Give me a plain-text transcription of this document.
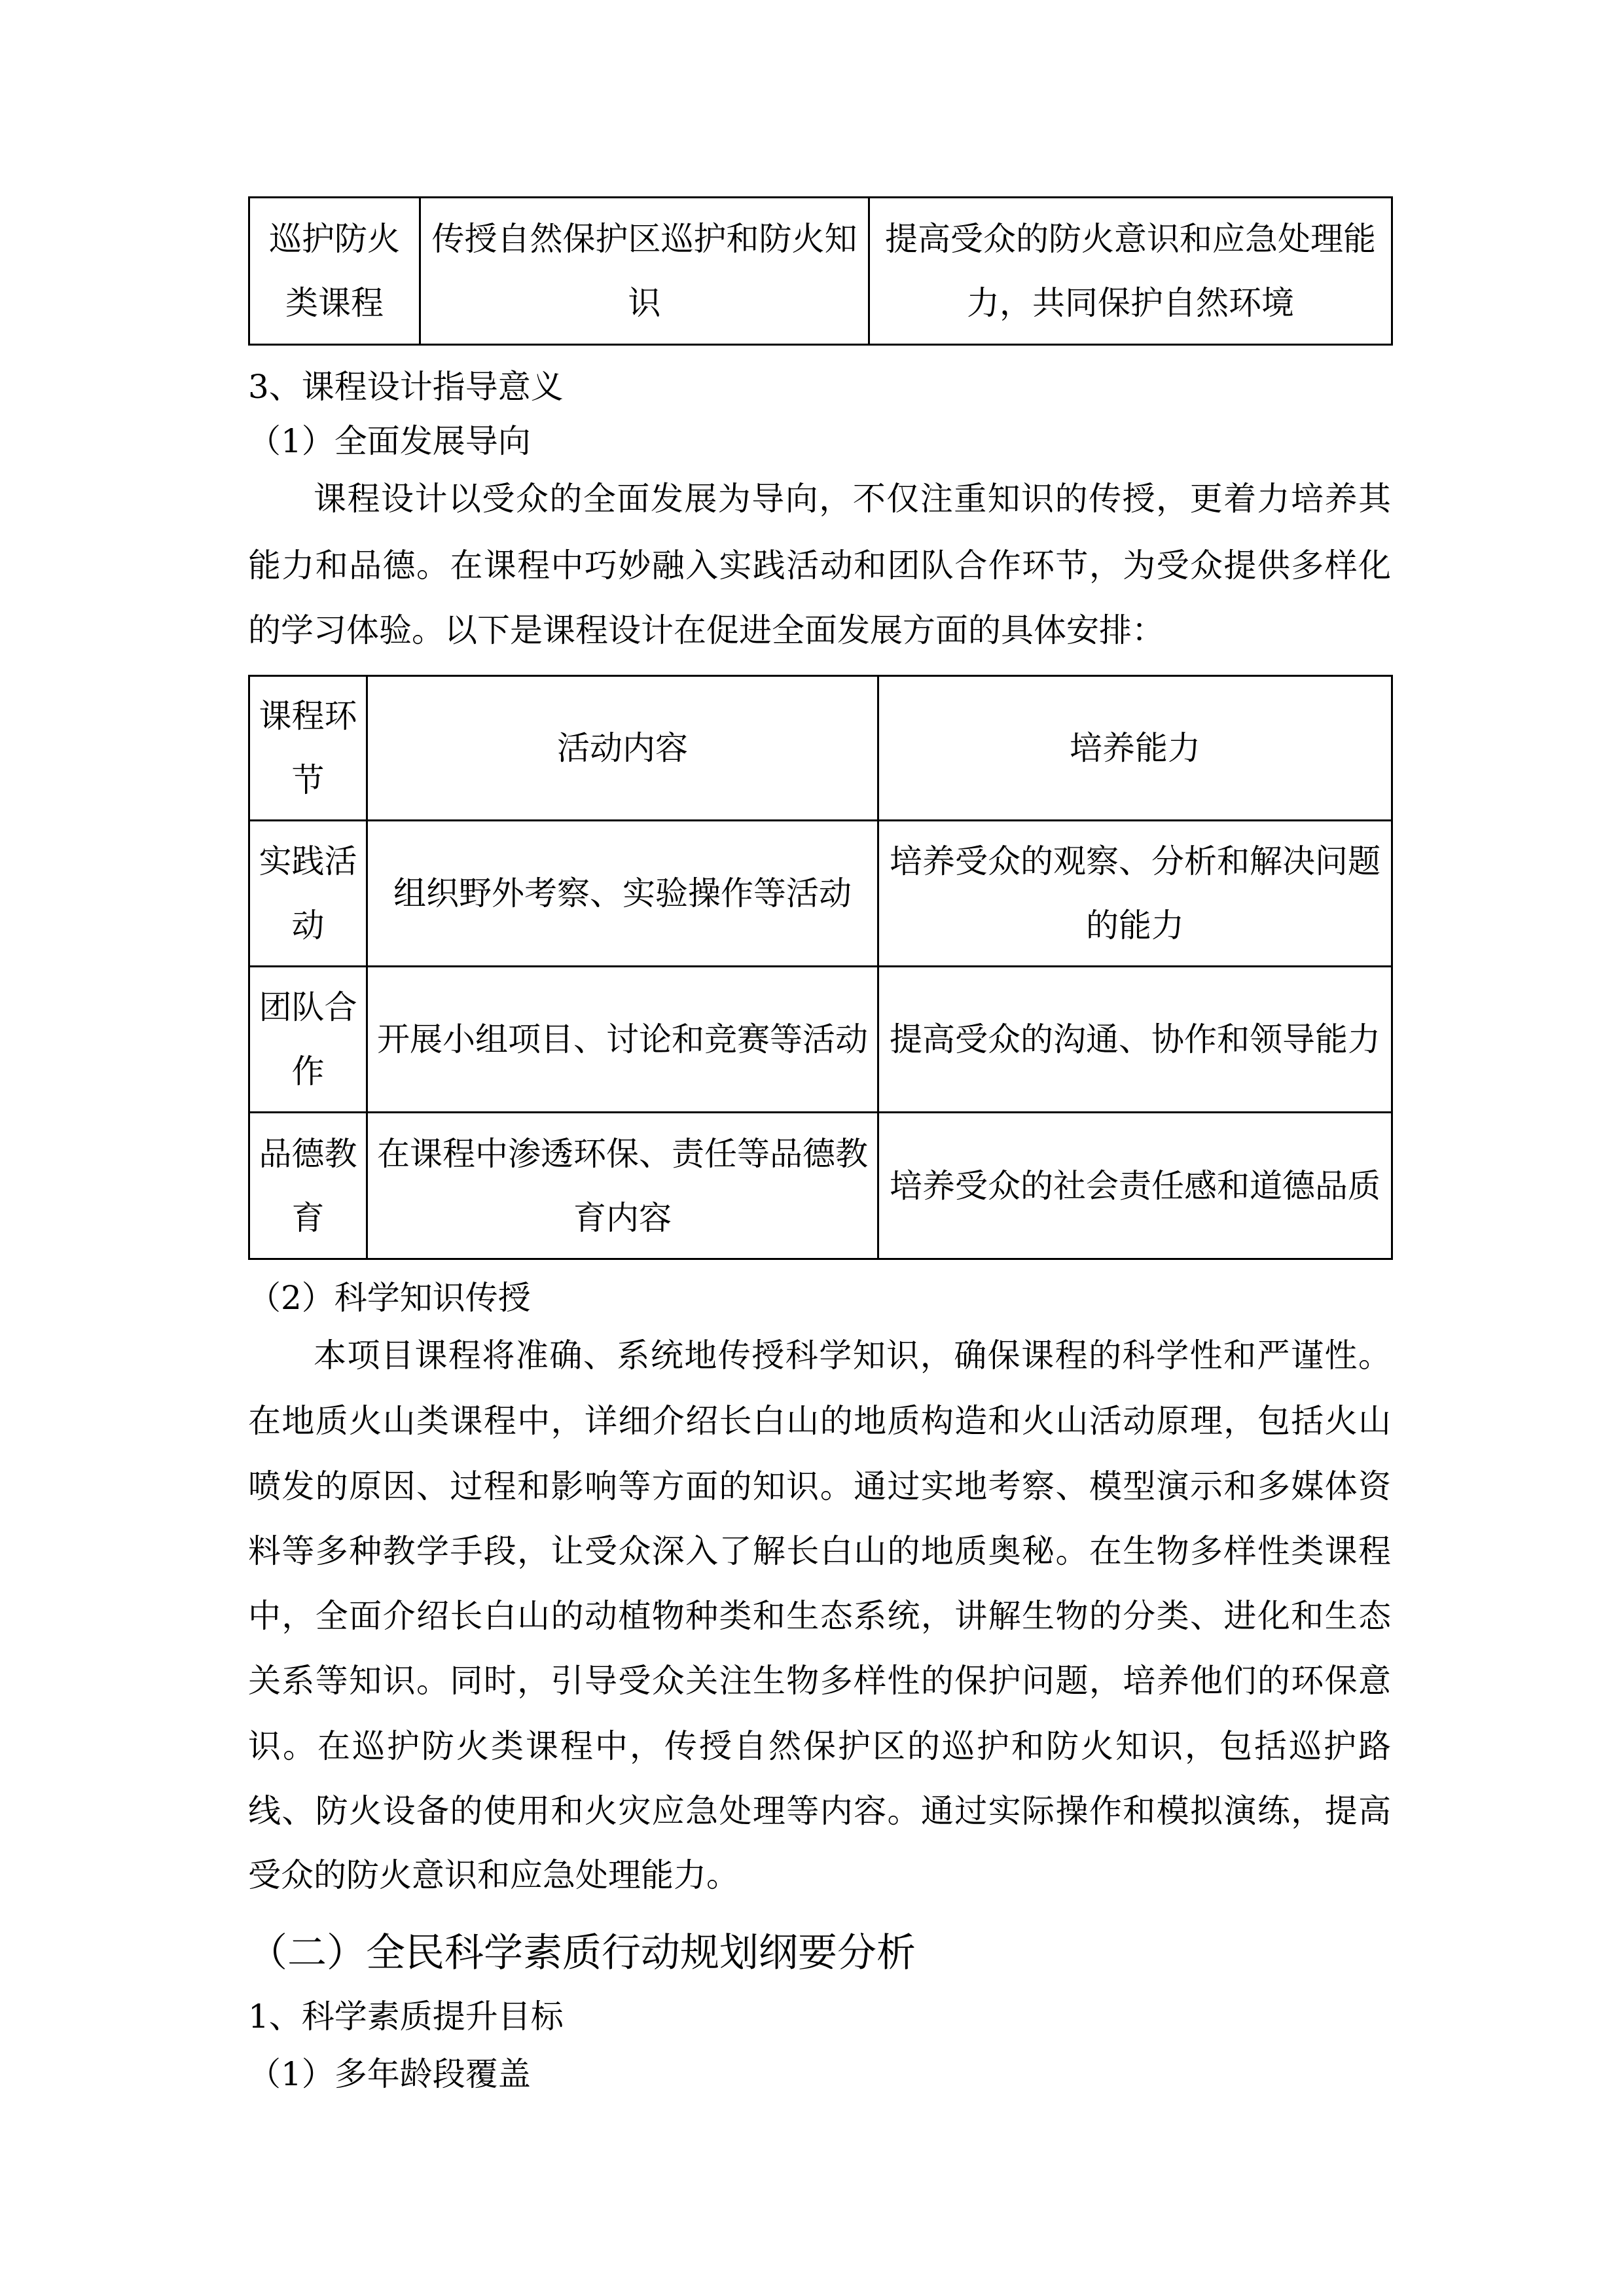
巡护防火类课程	传授自然保护区巡护和防火知识	提高受众的防火意识和应急处理能力，共同保护自然环境
3、课程设计指导意义
（1）全面发展导向
课程设计以受众的全面发展为导向，不仅注重知识的传授，更着力培养其
能力和品德。在课程中巧妙融入实践活动和团队合作环节，为受众提供多样化
的学习体验。以下是课程设计在促进全面发展方面的具体安排：
课程环节	活动内容	培养能力
实践活动	组织野外考察、实验操作等活动	培养受众的观察、分析和解决问题的能力
团队合作	开展小组项目、讨论和竞赛等活动	提高受众的沟通、协作和领导能力
品德教育	在课程中渗透环保、责任等品德教育内容	培养受众的社会责任感和道德品质
（2）科学知识传授
本项目课程将准确、系统地传授科学知识，确保课程的科学性和严谨性。
在地质火山类课程中，详细介绍长白山的地质构造和火山活动原理，包括火山
喷发的原因、过程和影响等方面的知识。通过实地考察、模型演示和多媒体资
料等多种教学手段，让受众深入了解长白山的地质奥秘。在生物多样性类课程
中，全面介绍长白山的动植物种类和生态系统，讲解生物的分类、进化和生态
关系等知识。同时，引导受众关注生物多样性的保护问题，培养他们的环保意
识。在巡护防火类课程中，传授自然保护区的巡护和防火知识，包括巡护路
线、防火设备的使用和火灾应急处理等内容。通过实际操作和模拟演练，提高
受众的防火意识和应急处理能力。
（二）全民科学素质行动规划纲要分析
1、科学素质提升目标
（1）多年龄段覆盖
